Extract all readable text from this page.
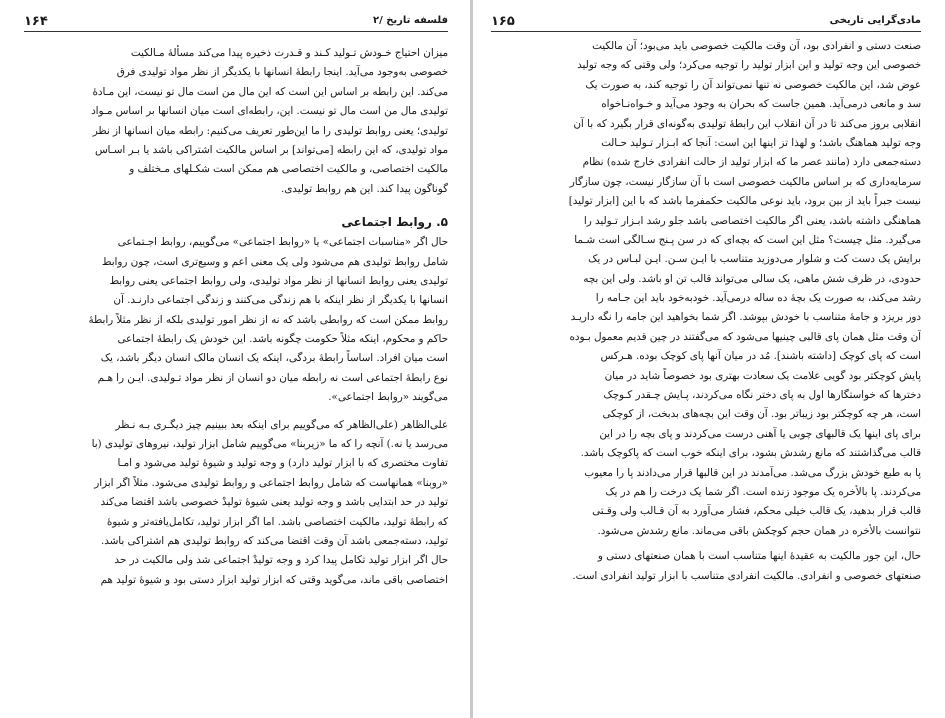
فلسفه تاریخ /۲
۱۶۴
میزان احتیاج خـودش تـولید کـند و قـدرت ذخیره پیدا می‌کند مسألهٔ مـالکیت
خصوصی به‌وجود می‌آید. اینجا رابطهٔ انسانها با یکدیگر از نظر مواد تولیدی فرق
می‌کند. این رابطه بر اساس این است که این مال من است مال تو نیست، این مـادهٔ
تولیدی مال من است مال تو نیست. این، رابطه‌ای است میان انسانها بر اساس مـواد
تولیدی؛ یعنی روابط تولیدی را ما این‌طور تعریف می‌کنیم: رابطه میان انسانها از نظر
مواد تولیدی، که این رابطه [می‌تواند] بر اساس مالکیت اشتراکی باشد یا بـر اسـاس
مالکیت اختصاصی، و مالکیت اختصاصی هم ممکن است شکـلهای مـختلف و
گوناگون پیدا کند. این هم روابط تولیدی.
۵. روابط اجتماعی
حال اگر «مناسبات اجتماعی» یا «روابط اجتماعی» می‌گوییم، روابط اجـتماعی
شامل روابط تولیدی هم می‌شود ولی یک معنی اعم و وسیع‌تری است، چون روابط
تولیدی یعنی روابط انسانها از نظر مواد تولیدی، ولی روابط اجتماعی یعنی روابط
انسانها با یکدیگر از نظر اینکه با هم زندگی می‌کنند و زندگی اجتماعی دارنـد. آن
روابط ممکن است که روابطی باشد که نه از نظر امور تولیدی بلکه از نظر مثلاً رابطهٔ
حاکم و محکوم، اینکه مثلاً حکومت چگونه باشد. این خودش یک رابطهٔ اجتماعی
است میان افراد. اساساً رابطهٔ بردگی، اینکه یک انسان مالک انسان دیگر باشد، یک
نوع رابطهٔ اجتماعی است نه رابطه میان دو انسان از نظر مواد تـولیدی. ایـن را هـم
می‌گویند «روابط اجتماعی».
علی‌الظاهر (علی‌الظاهر که می‌گوییم برای اینکه بعد ببینیم چیز دیگـری بـه نـظر
می‌رسد یا نه.) آنچه را که ما «زیربنا» می‌گوییم شامل ابزار تولید، نیروهای تولیدی (با
تفاوت مختصری که با ابزار تولید دارد) و وجه تولید و شیوهٔ تولید می‌شود و امـا
«روبنا» همانهاست که شامل روابط اجتماعی و روابط تولیدی می‌شود. مثلاً اگر ابزار
تولید در حد ابتدایی باشد و وجه تولید یعنی شیوهٔ تولیدْ خصوصی باشد اقتضا می‌کند
که رابطهٔ تولید، مالکیت اختصاصی باشد. اما اگر ابزار تولید، تکامل‌یافته‌تر و شیوهٔ
تولید، دسته‌جمعی باشد آن وقت اقتضا می‌کند که روابط تولیدی هم اشتراکی باشد.
حال اگر ابزار تولید تکامل پیدا کرد و وجه تولیدْ اجتماعی شد ولی مالکیت در حد
اختصاصی باقی ماند، می‌گوید وقتی که ابزار تولید ابزار دستی بود و شیوهٔ تولید هم
مادی‌گرایی تاریخی
۱۶۵
صنعت دستی و انفرادی بود، آن وقت مالکیت خصوصی باید می‌بود؛ آن مالکیت
خصوصی این وجه تولید و این ابزار تولید را توجیه می‌کرد؛ ولی وقتی که وجه تولید
عوض شد، این مالکیت خصوصی نه تنها نمی‌تواند آن را توجیه کند، به صورت یک
سد و مانعی درمی‌آید. همین جاست که بحران به وجود می‌آید و خـواه‌نـاخواه
انقلابی بروز می‌کند تا در آن انقلاب این رابطهٔ تولیدی به‌گونه‌ای قرار بگیرد که با آن
وجه تولید هماهنگ باشد؛ و لهذا تز اینها این است: آنجا که ابـزار تـولید حـالت
دسته‌جمعی دارد (مانند عصر ما که ابزار تولید از حالت انفرادی خارج شده) نظام
سرمایه‌داری که بر اساس مالکیت خصوصی است با آن سازگار نیست، چون سازگار
نیست جبراً باید از بین برود، باید نوعی مالکیت حکمفرما باشد که با این [ابزار تولید]
هماهنگی داشته باشد، یعنی اگر مالکیت اختصاصی باشد جلو رشد ابـزار تـولید را
می‌گیرد. مثل چیست؟ مثل این است که بچه‌ای که در سن پـنج سـالگی است شـما
برایش یک دست کت و شلوار می‌دوزید متناسب با ایـن سـن. ایـن لبـاس در یک
حدودی، در ظرف شش ماهی، یک سالی می‌تواند قالب تن او باشد. ولی این بچه
رشد می‌کند، به صورت یک بچهٔ ده ساله درمی‌آید. خودبه‌خود باید این جـامه را
دور بریزد و جامهٔ متناسب با خودش بپوشد. اگر شما بخواهید این جامه را نگه داریـد
آن وقت مثل همان پای قالبی چینیها می‌شود که می‌گفتند در چین قدیم معمول بـوده
است که پای کوچک [داشته باشند]. مُد در میان آنها پای کوچک بوده. هـرکس
پایش کوچکتر بود گویی علامت یک سعادت بهتری بود خصوصاً شاید در میان
دخترها که خواستگارها اول به پای دختر نگاه می‌کردند، پـایش چـقدر کـوچک
است، هر چه کوچکتر بود زیباتر بود. آن وقت این بچه‌های بدبخت، از کوچکی
برای پای اینها یک قالبهای چوبی یا آهنی درست می‌کردند و پای بچه را در این
قالب می‌گذاشتند که مانع رشدش بشود، برای اینکه خوب است که پاکوچک باشد.
پا به طبع خودش بزرگ می‌شد. می‌آمدند در این قالبها قرار می‌دادند پا را معیوب
می‌کردند. پا بالأخره یک موجود زنده است. اگر شما یک درخت را هم در یک
قالب قرار بدهید، یک قالب خیلی محکم، فشار می‌آورد به آن قـالب ولی وقـتی
نتوانست بالأخره در همان حجم کوچکش باقی می‌ماند. مانع رشدش می‌شود.
حال، این جور مالکیت به عقیدهٔ اینها متناسب است با همان صنعتهای دستی و
صنعتهای خصوصی و انفرادی. مالکیت انفرادی متناسب با ابزار تولید انفرادی است.
